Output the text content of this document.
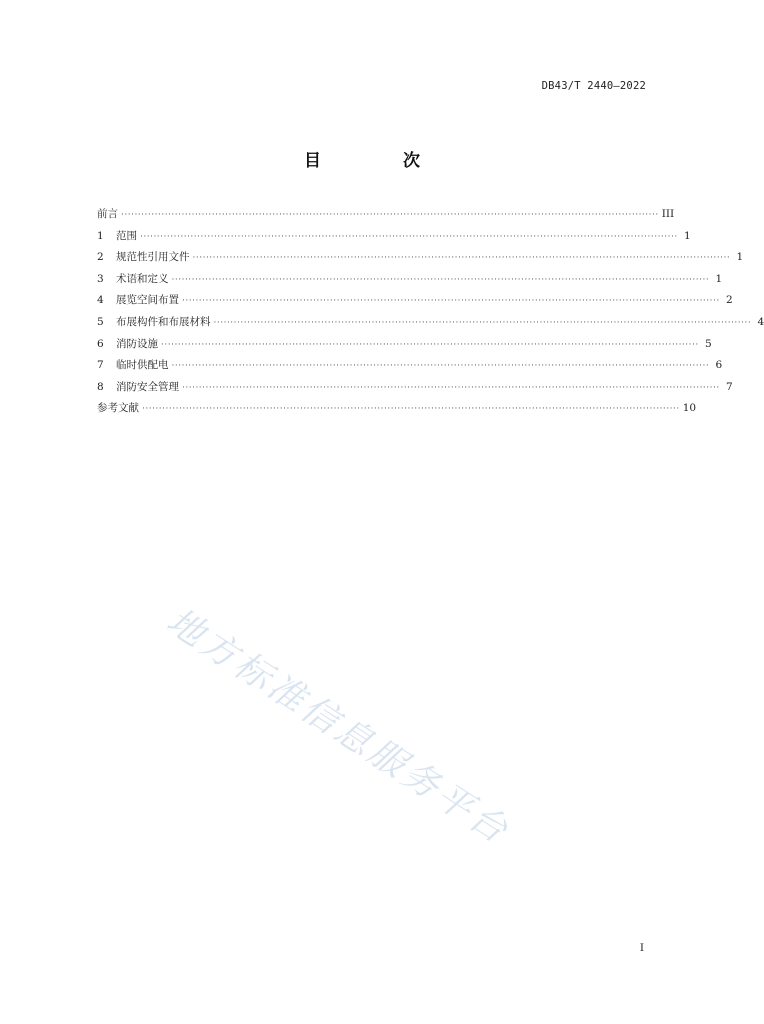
DB43/T 2440—2022
目 次
前言 ································································································································································ III
1	范围 ································································································································································ 1
2	规范性引用文件 ································································································································································ 1
3	术语和定义 ································································································································································ 1
4	展览空间布置 ································································································································································ 2
5	布展构件和布展材料 ································································································································································ 4
6	消防设施 ································································································································································ 5
7	临时供配电 ································································································································································ 6
8	消防安全管理 ································································································································································ 7
参考文献 ································································································································································ 10
地方标准信息服务平台
I
